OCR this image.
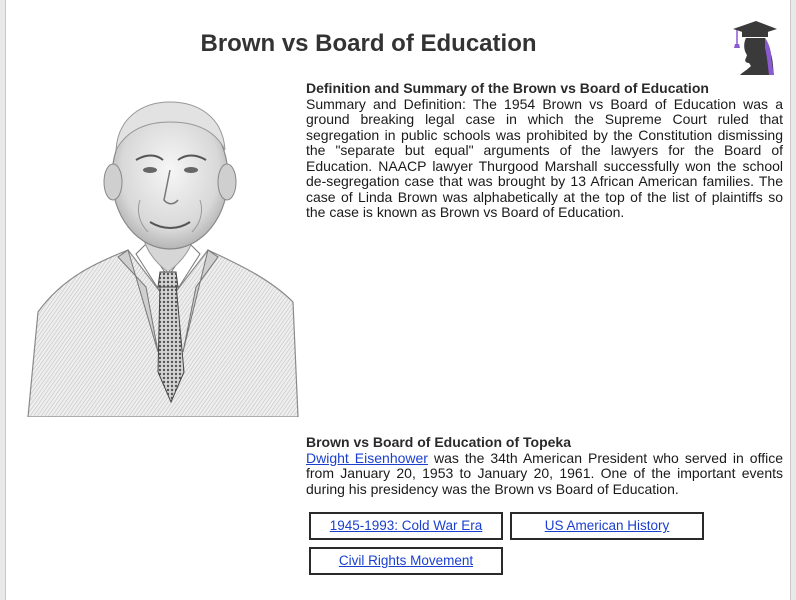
Brown vs Board of Education

Definition and Summary of the Brown vs Board of Education

Summary and Definition: The 1954 Brown vs Board of Education was a ground breaking legal case in which the Supreme Court ruled that segregation in public schools was prohibited by the Constitution dismissing the "separate but equal" arguments of the lawyers for the Board of Education. NAACP lawyer Thurgood Marshall successfully won the school de-segregation case that was brought by 13 African American families. The case of Linda Brown was alphabetically at the top of the list of plaintiffs so the case is known as Brown vs Board of Education.

Brown vs Board of Education of Topeka

Dwight Eisenhower was the 34th American President who served in office from January 20, 1953 to January 20, 1961. One of the important events during his presidency was the Brown vs Board of Education.

1945-1993: Cold War Era	US American History
Civil Rights Movement
